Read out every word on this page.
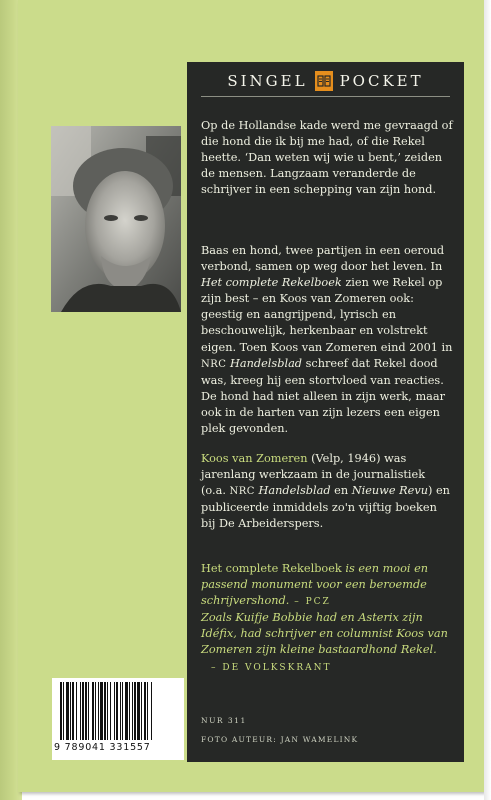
SINGEL POCKET

Op de Hollandse kade werd me gevraagd of die hond die ik bij me had, of die Rekel heette. ‘Dan weten wij wie u bent,’ zeiden de mensen. Langzaam veranderde de schrijver in een schepping van zijn hond.

Baas en hond, twee partijen in een oeroud verbond, samen op weg door het leven. In Het complete Rekelboek zien we Rekel op zijn best – en Koos van Zomeren ook: geestig en aangrijpend, lyrisch en beschouwelijk, herkenbaar en volstrekt eigen. Toen Koos van Zomeren eind 2001 in NRC Handelsblad schreef dat Rekel dood was, kreeg hij een stortvloed van reacties. De hond had niet alleen in zijn werk, maar ook in de harten van zijn lezers een eigen plek gevonden.

Koos van Zomeren (Velp, 1946) was jarenlang werkzaam in de journalistiek (o.a. NRC Handelsblad en Nieuwe Revu) en publiceerde inmiddels zo'n vijftig boeken bij De Arbeiderspers.

Het complete Rekelboek is een mooi en passend monument voor een beroemde schrijvershond. – PCZ

Zoals Kuifje Bobbie had en Asterix zijn Idéfix, had schrijver en columnist Koos van Zomeren zijn kleine bastaardhond Rekel.

– DE VOLKSKRANT

9 789041 331557
NUR 311
FOTO AUTEUR: JAN WAMELINK
